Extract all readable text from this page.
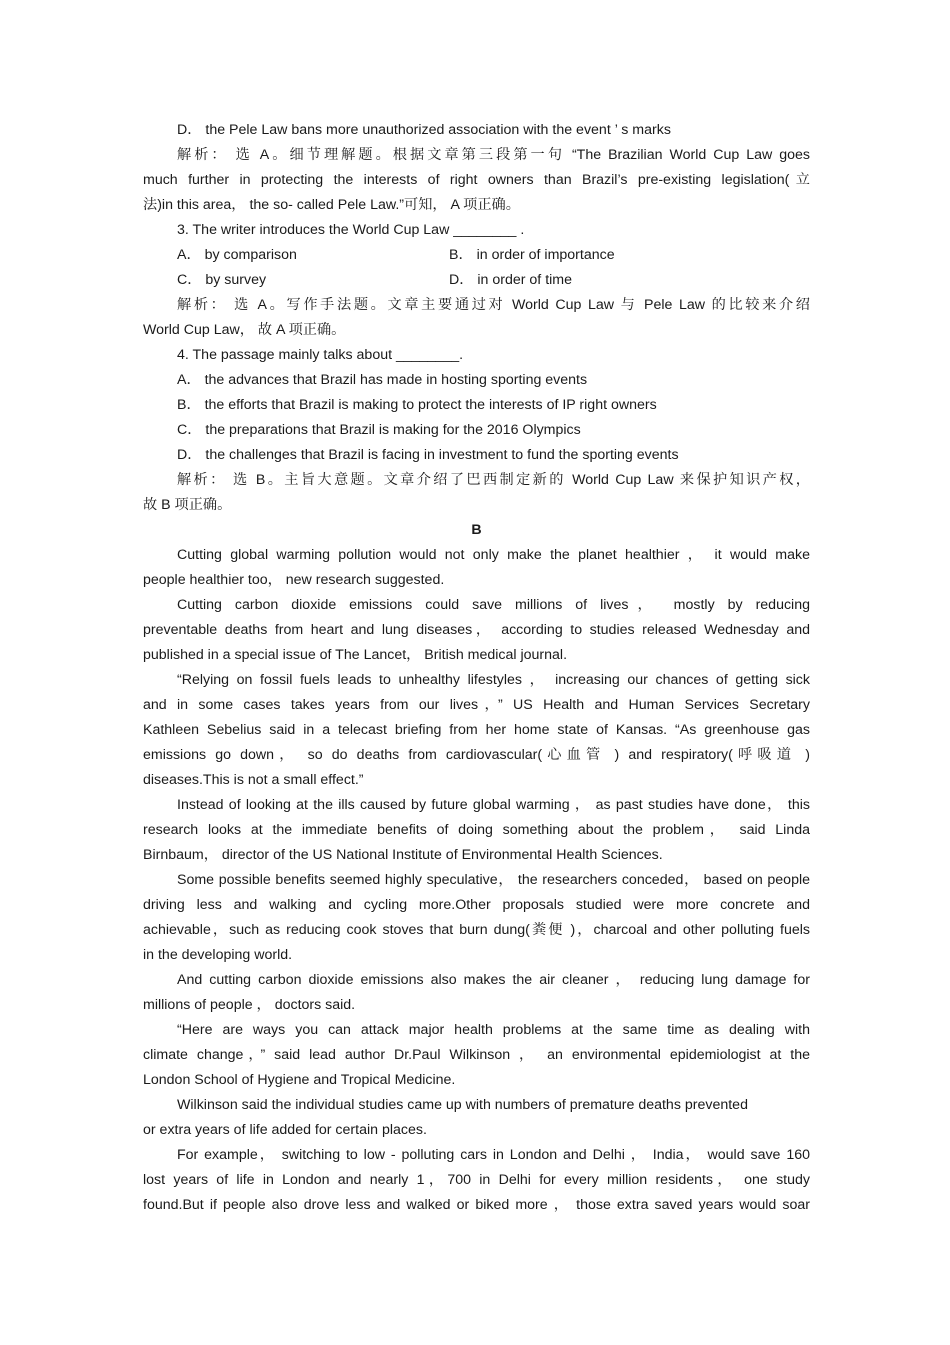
D． the Pele Law bans more unauthorized association with the event ’ s marks
解析： 选 A。细节理解题。根据文章第三段第一句 “The Brazilian World Cup Law goes
much further in protecting the interests of right owners than Brazil’s pre-existing legislation(立
法)in this area， the so- called Pele Law.”可知， A 项正确。
3. The writer introduces the World Cup Law ________ .
A． by comparison	B． in order of importance
C． by survey	D． in order of time
解析： 选 A。写作手法题。文章主要通过对 World Cup Law 与 Pele Law 的比较来介绍
World Cup Law， 故 A 项正确。
4. The passage mainly talks about ________.
A． the advances that Brazil has made in hosting sporting events
B． the efforts that Brazil is making to protect the interests of IP right owners
C． the preparations that Brazil is making for the 2016 Olympics
D． the challenges that Brazil is facing in investment to fund the sporting events
解析： 选 B。主旨大意题。文章介绍了巴西制定新的 World Cup Law 来保护知识产权，
故 B 项正确。
B
Cutting global warming pollution would not only make the planet healthier ， it would make
people healthier too， new research suggested.
Cutting carbon dioxide emissions could save millions of lives， mostly by reducing
preventable deaths from heart and lung diseases， according to studies released Wednesday and
published in a special issue of The Lancet， British medical journal.
“Relying on fossil fuels leads to unhealthy lifestyles ， increasing our chances of getting sick
and in some cases takes years from our lives，” US Health and Human Services Secretary
Kathleen Sebelius said in a telecast briefing from her home state of Kansas. “As greenhouse gas
emissions go down， so do deaths from cardiovascular(心血管 ) and respiratory(呼吸道 )
diseases.This is not a small effect.”
Instead of looking at the ills caused by future global warming ， as past studies have done， this
research looks at the immediate benefits of doing something about the problem， said Linda
Birnbaum， director of the US National Institute of Environmental Health Sciences.
Some possible benefits seemed highly speculative， the researchers conceded， based on people
driving less and walking and cycling more.Other proposals studied were more concrete and
achievable，such as reducing cook stoves that burn dung(粪便 )，charcoal and other polluting fuels
in the developing world.
And cutting carbon dioxide emissions also makes the air cleaner ， reducing lung damage for
millions of people ， doctors said.
“Here are ways you can attack major health problems at the same time as dealing with
climate change，” said lead author Dr.Paul Wilkinson ， an environmental epidemiologist at the
London School of Hygiene and Tropical Medicine.
Wilkinson said the individual studies came up with numbers of premature deaths prevented
or extra years of life added for certain places.
For example， switching to low - polluting cars in London and Delhi ， India， would save 160
lost years of life in London and nearly 1，700 in Delhi for every million residents， one study
found.But if people also drove less and walked or biked more ， those extra saved years would soar
